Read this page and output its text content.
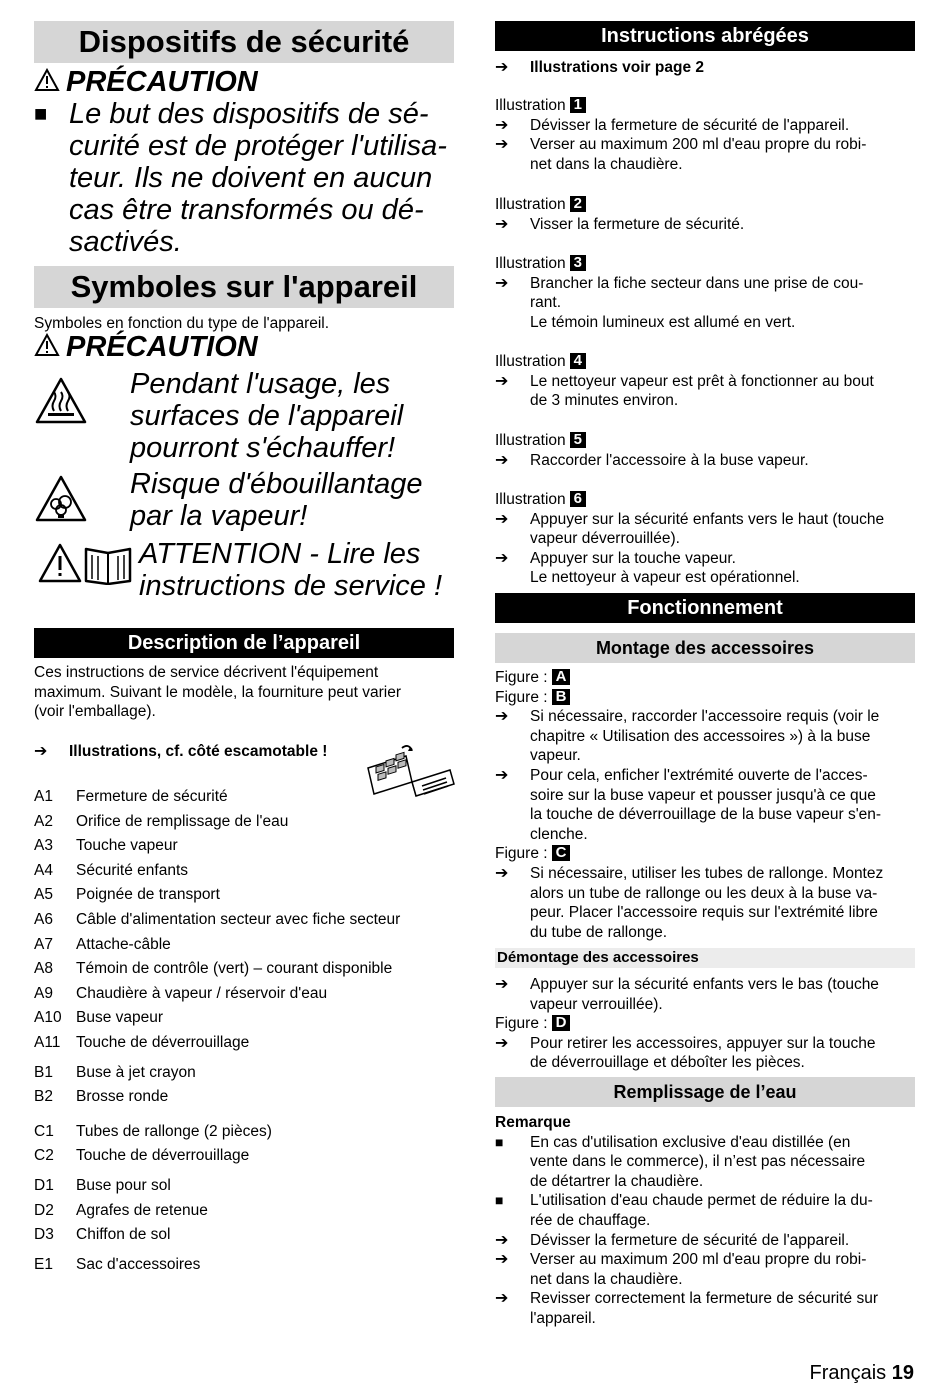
Dispositifs de sécurité
PRÉCAUTION
■ Le but des dispositifs de sé-
curité est de protéger l'utilisa-
teur. Ils ne doivent en aucun
cas être transformés ou dé-
sactivés.
Symboles sur l'appareil
Symboles en fonction du type de l'appareil.
PRÉCAUTION
Pendant l'usage, les
surfaces de l'appareil
pourront s'échauffer!
Risque d'ébouillantage
par la vapeur!
ATTENTION - Lire les
instructions de service !
Description de l’appareil
Ces instructions de service décrivent l'équipement
maximum. Suivant le modèle, la fourniture peut varier
(voir l'emballage).
➔	Illustrations, cf. côté escamotable !
A1	Fermeture de sécurité
A2	Orifice de remplissage de l'eau
A3	Touche vapeur
A4	Sécurité enfants
A5	Poignée de transport
A6	Câble d'alimentation secteur avec fiche secteur
A7	Attache-câble
A8	Témoin de contrôle (vert) – courant disponible
A9	Chaudière à vapeur / réservoir d'eau
A10 Buse vapeur
A11	Touche de déverrouillage
B1	Buse à jet crayon
B2	Brosse ronde
C1	Tubes de rallonge (2 pièces)
C2	Touche de déverrouillage
D1	Buse pour sol
D2	Agrafes de retenue
D3	Chiffon de sol
E1	Sac d'accessoires
Instructions abrégées
➔	Illustrations voir page 2
Illustration 1
➔	Dévisser la fermeture de sécurité de l'appareil.
➔	Verser au maximum 200 ml d'eau propre du robi-
net dans la chaudière.
Illustration 2
➔	Visser la fermeture de sécurité.
Illustration 3
➔	Brancher la fiche secteur dans une prise de cou-
rant.
Le témoin lumineux est allumé en vert.
Illustration 4
➔	Le nettoyeur vapeur est prêt à fonctionner au bout
de 3 minutes environ.
Illustration 5
➔	Raccorder l'accessoire à la buse vapeur.
Illustration 6
➔	Appuyer sur la sécurité enfants vers le haut (touche
vapeur déverrouillée).
➔	Appuyer sur la touche vapeur.
Le nettoyeur à vapeur est opérationnel.
Fonctionnement
Montage des accessoires
Figure : A
Figure : B
➔	Si nécessaire, raccorder l'accessoire requis (voir le
chapitre « Utilisation des accessoires ») à la buse
vapeur.
➔	Pour cela, enficher l'extrémité ouverte de l'acces-
soire sur la buse vapeur et pousser jusqu'à ce que
la touche de déverrouillage de la buse vapeur s'en-
clenche.
Figure : C
➔	Si nécessaire, utiliser les tubes de rallonge. Montez
alors un tube de rallonge ou les deux à la buse va-
peur. Placer l'accessoire requis sur l'extrémité libre
du tube de rallonge.
Démontage des accessoires
➔	Appuyer sur la sécurité enfants vers le bas (touche
vapeur verrouillée).
Figure : D
➔	Pour retirer les accessoires, appuyer sur la touche
de déverrouillage et déboîter les pièces.
Remplissage de l’eau
Remarque
■	En cas d'utilisation exclusive d'eau distillée (en
vente dans le commerce), il n’est pas nécessaire
de détartrer la chaudière.
■	L'utilisation d'eau chaude permet de réduire la du-
rée de chauffage.
➔	Dévisser la fermeture de sécurité de l'appareil.
➔	Verser au maximum 200 ml d'eau propre du robi-
net dans la chaudière.
➔	Revisser correctement la fermeture de sécurité sur
l'appareil.
Français 19
